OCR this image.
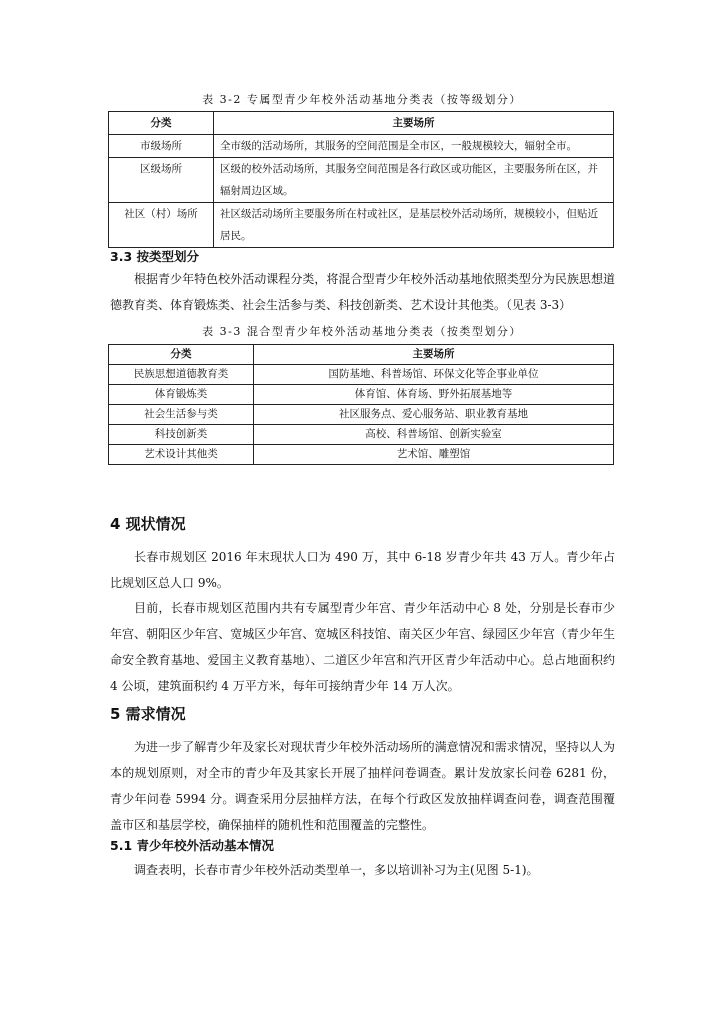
表 3-2 专属型青少年校外活动基地分类表（按等级划分）
分类	主要场所
市级场所	全市级的活动场所，其服务的空间范围是全市区，一般规模较大，辐射全市。
区级场所	区级的校外活动场所，其服务空间范围是各行政区或功能区，主要服务所在区，并辐射周边区域。
社区（村）场所	社区级活动场所主要服务所在村或社区，是基层校外活动场所，规模较小，但贴近居民。
3.3 按类型划分

根据青少年特色校外活动课程分类，将混合型青少年校外活动基地依照类型分为民族思想道德教育类、体育锻炼类、社会生活参与类、科技创新类、艺术设计其他类。（见表 3-3）

表 3-3 混合型青少年校外活动基地分类表（按类型划分）
分类	主要场所
民族思想道德教育类	国防基地、科普场馆、环保文化等企事业单位
体育锻炼类	体育馆、体育场、野外拓展基地等
社会生活参与类	社区服务点、爱心服务站、职业教育基地
科技创新类	高校、科普场馆、创新实验室
艺术设计其他类	艺术馆、雕塑馆
4 现状情况

长春市规划区 2016 年末现状人口为 490 万，其中 6-18 岁青少年共 43 万人。青少年占比规划区总人口 9%。

目前，长春市规划区范围内共有专属型青少年宫、青少年活动中心 8 处，分别是长春市少年宫、朝阳区少年宫、宽城区少年宫、宽城区科技馆、南关区少年宫、绿园区少年宫（青少年生命安全教育基地、爱国主义教育基地）、二道区少年宫和汽开区青少年活动中心。总占地面积约 4 公顷，建筑面积约 4 万平方米，每年可接纳青少年 14 万人次。

5 需求情况

为进一步了解青少年及家长对现状青少年校外活动场所的满意情况和需求情况，坚持以人为本的规划原则，对全市的青少年及其家长开展了抽样问卷调查。累计发放家长问卷 6281 份，青少年问卷 5994 分。调查采用分层抽样方法，在每个行政区发放抽样调查问卷，调查范围覆盖市区和基层学校，确保抽样的随机性和范围覆盖的完整性。

5.1 青少年校外活动基本情况

调查表明，长春市青少年校外活动类型单一，多以培训补习为主(见图 5-1)。
